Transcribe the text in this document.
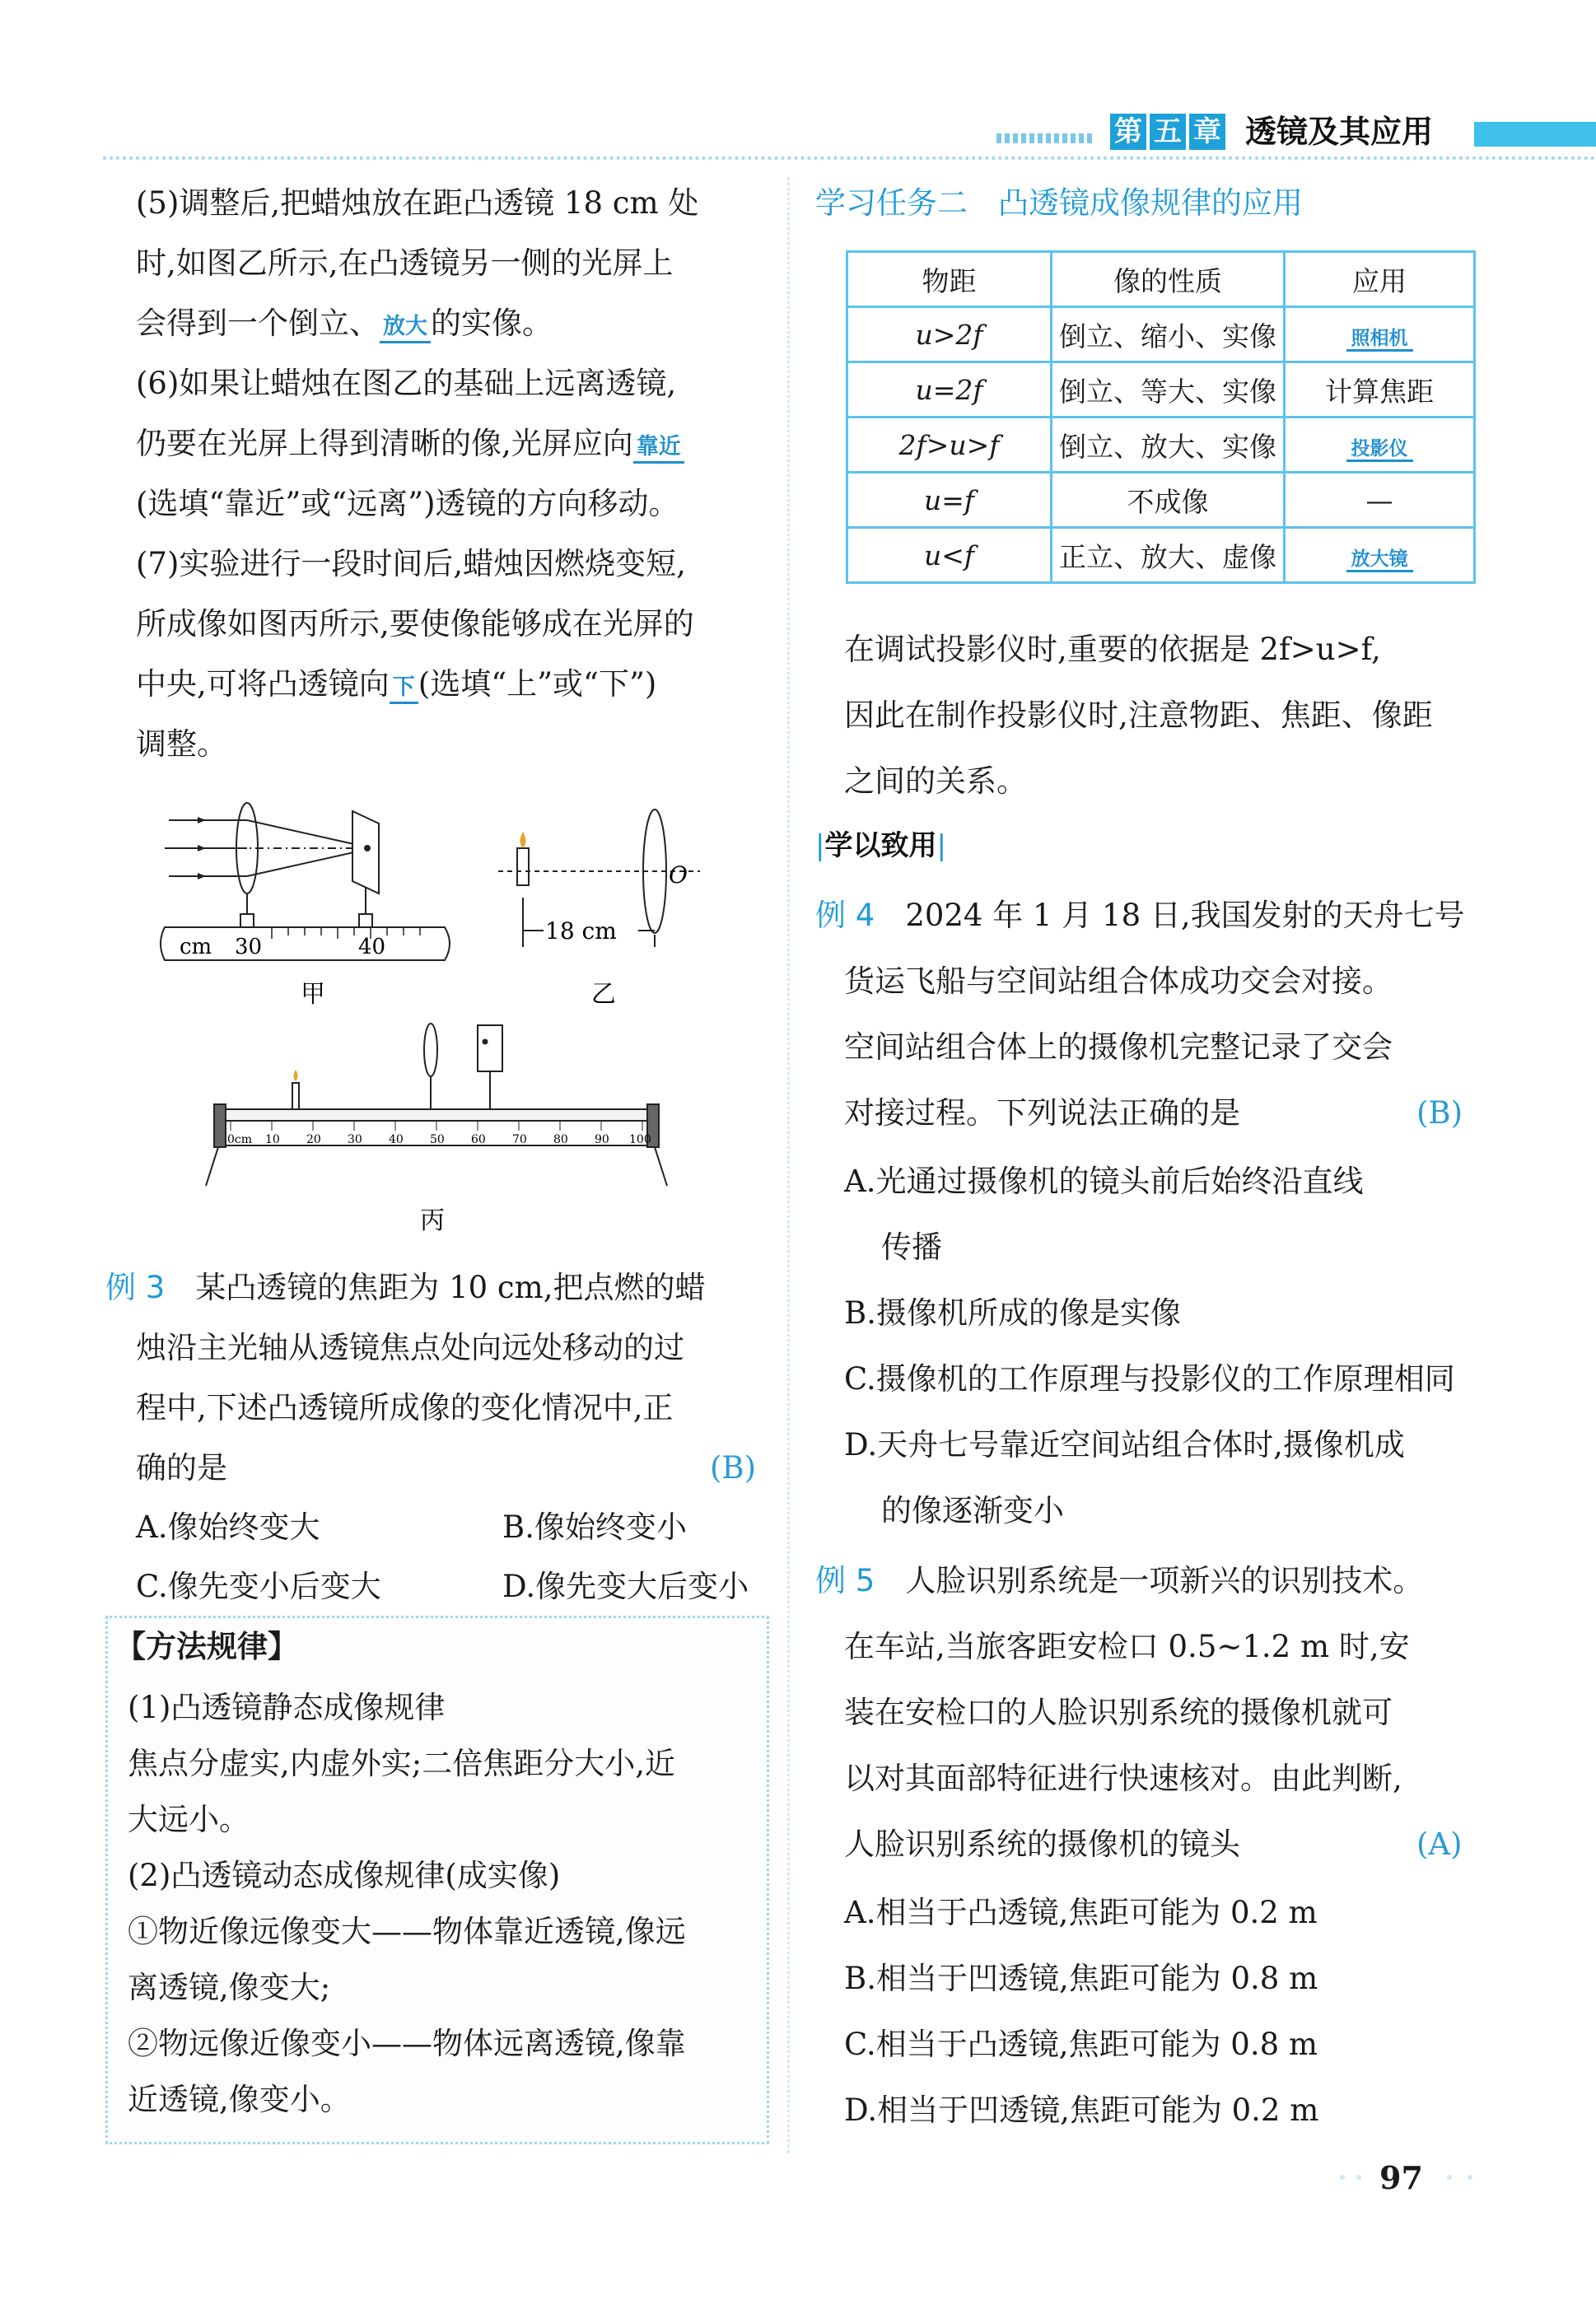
第 五 章 透镜及其应用
(5)调整后,把蜡烛放在距凸透镜 18 cm 处
时,如图乙所示,在凸透镜另一侧的光屏上
会得到一个倒立、 放大 的实像。
(6)如果让蜡烛在图乙的基础上远离透镜,
仍要在光屏上得到清晰的像,光屏应向 靠近
(选填“靠近”或“远离”)透镜的方向移动。
(7)实验进行一段时间后,蜡烛因燃烧变短,
所成像如图丙所示,要使像能够成在光屏的
中央,可将凸透镜向 下 (选填“上”或“下”)
调整。
cm 30	40
甲
18 cm
O
乙
0cm 10 20 30 40 50 60 70 80 90 100
丙
例 3　 某凸透镜的焦距为 10 cm,把点燃的蜡
烛沿主光轴从透镜焦点处向远处移动的过
程中,下述凸透镜所成像的变化情况中,正
确的是	(B)
A.像始终变大	B.像始终变小
C.像先变小后变大	D.像先变大后变小
【方法规律】
(1)凸透镜静态成像规律
焦点分虚实,内虚外实;二倍焦距分大小,近
大远小。
(2)凸透镜动态成像规律(成实像)
①物近像远像变大——物体靠近透镜,像远
离透镜,像变大;
②物远像近像变小——物体远离透镜,像靠
近透镜,像变小。
学习任务二　凸透镜成像规律的应用
物距	像的性质	应用
u>2f	倒立、缩小、实像	照相机
u=2f	倒立、等大、实像	计算焦距
2f>u>f	倒立、放大、实像	投影仪
u=f	不成像	—
u<f	正立、放大、虚像	放大镜
在调试投影仪时,重要的依据是 2f>u>f,
因此在制作投影仪时,注意物距、焦距、像距
之间的关系。
|学以致用|
例 4　 2024 年 1 月 18 日,我国发射的天舟七号
货运飞船与空间站组合体成功交会对接。
空间站组合体上的摄像机完整记录了交会
对接过程。下列说法正确的是	(B)
A.光通过摄像机的镜头前后始终沿直线
传播
B.摄像机所成的像是实像
C.摄像机的工作原理与投影仪的工作原理相同
D.天舟七号靠近空间站组合体时,摄像机成
的像逐渐变小
例 5　 人脸识别系统是一项新兴的识别技术。
在车站,当旅客距安检口 0.5~1.2 m 时,安
装在安检口的人脸识别系统的摄像机就可
以对其面部特征进行快速核对。由此判断,
人脸识别系统的摄像机的镜头	(A)
A.相当于凸透镜,焦距可能为 0.2 m
B.相当于凹透镜,焦距可能为 0.8 m
C.相当于凸透镜,焦距可能为 0.8 m
D.相当于凹透镜,焦距可能为 0.2 m
97
